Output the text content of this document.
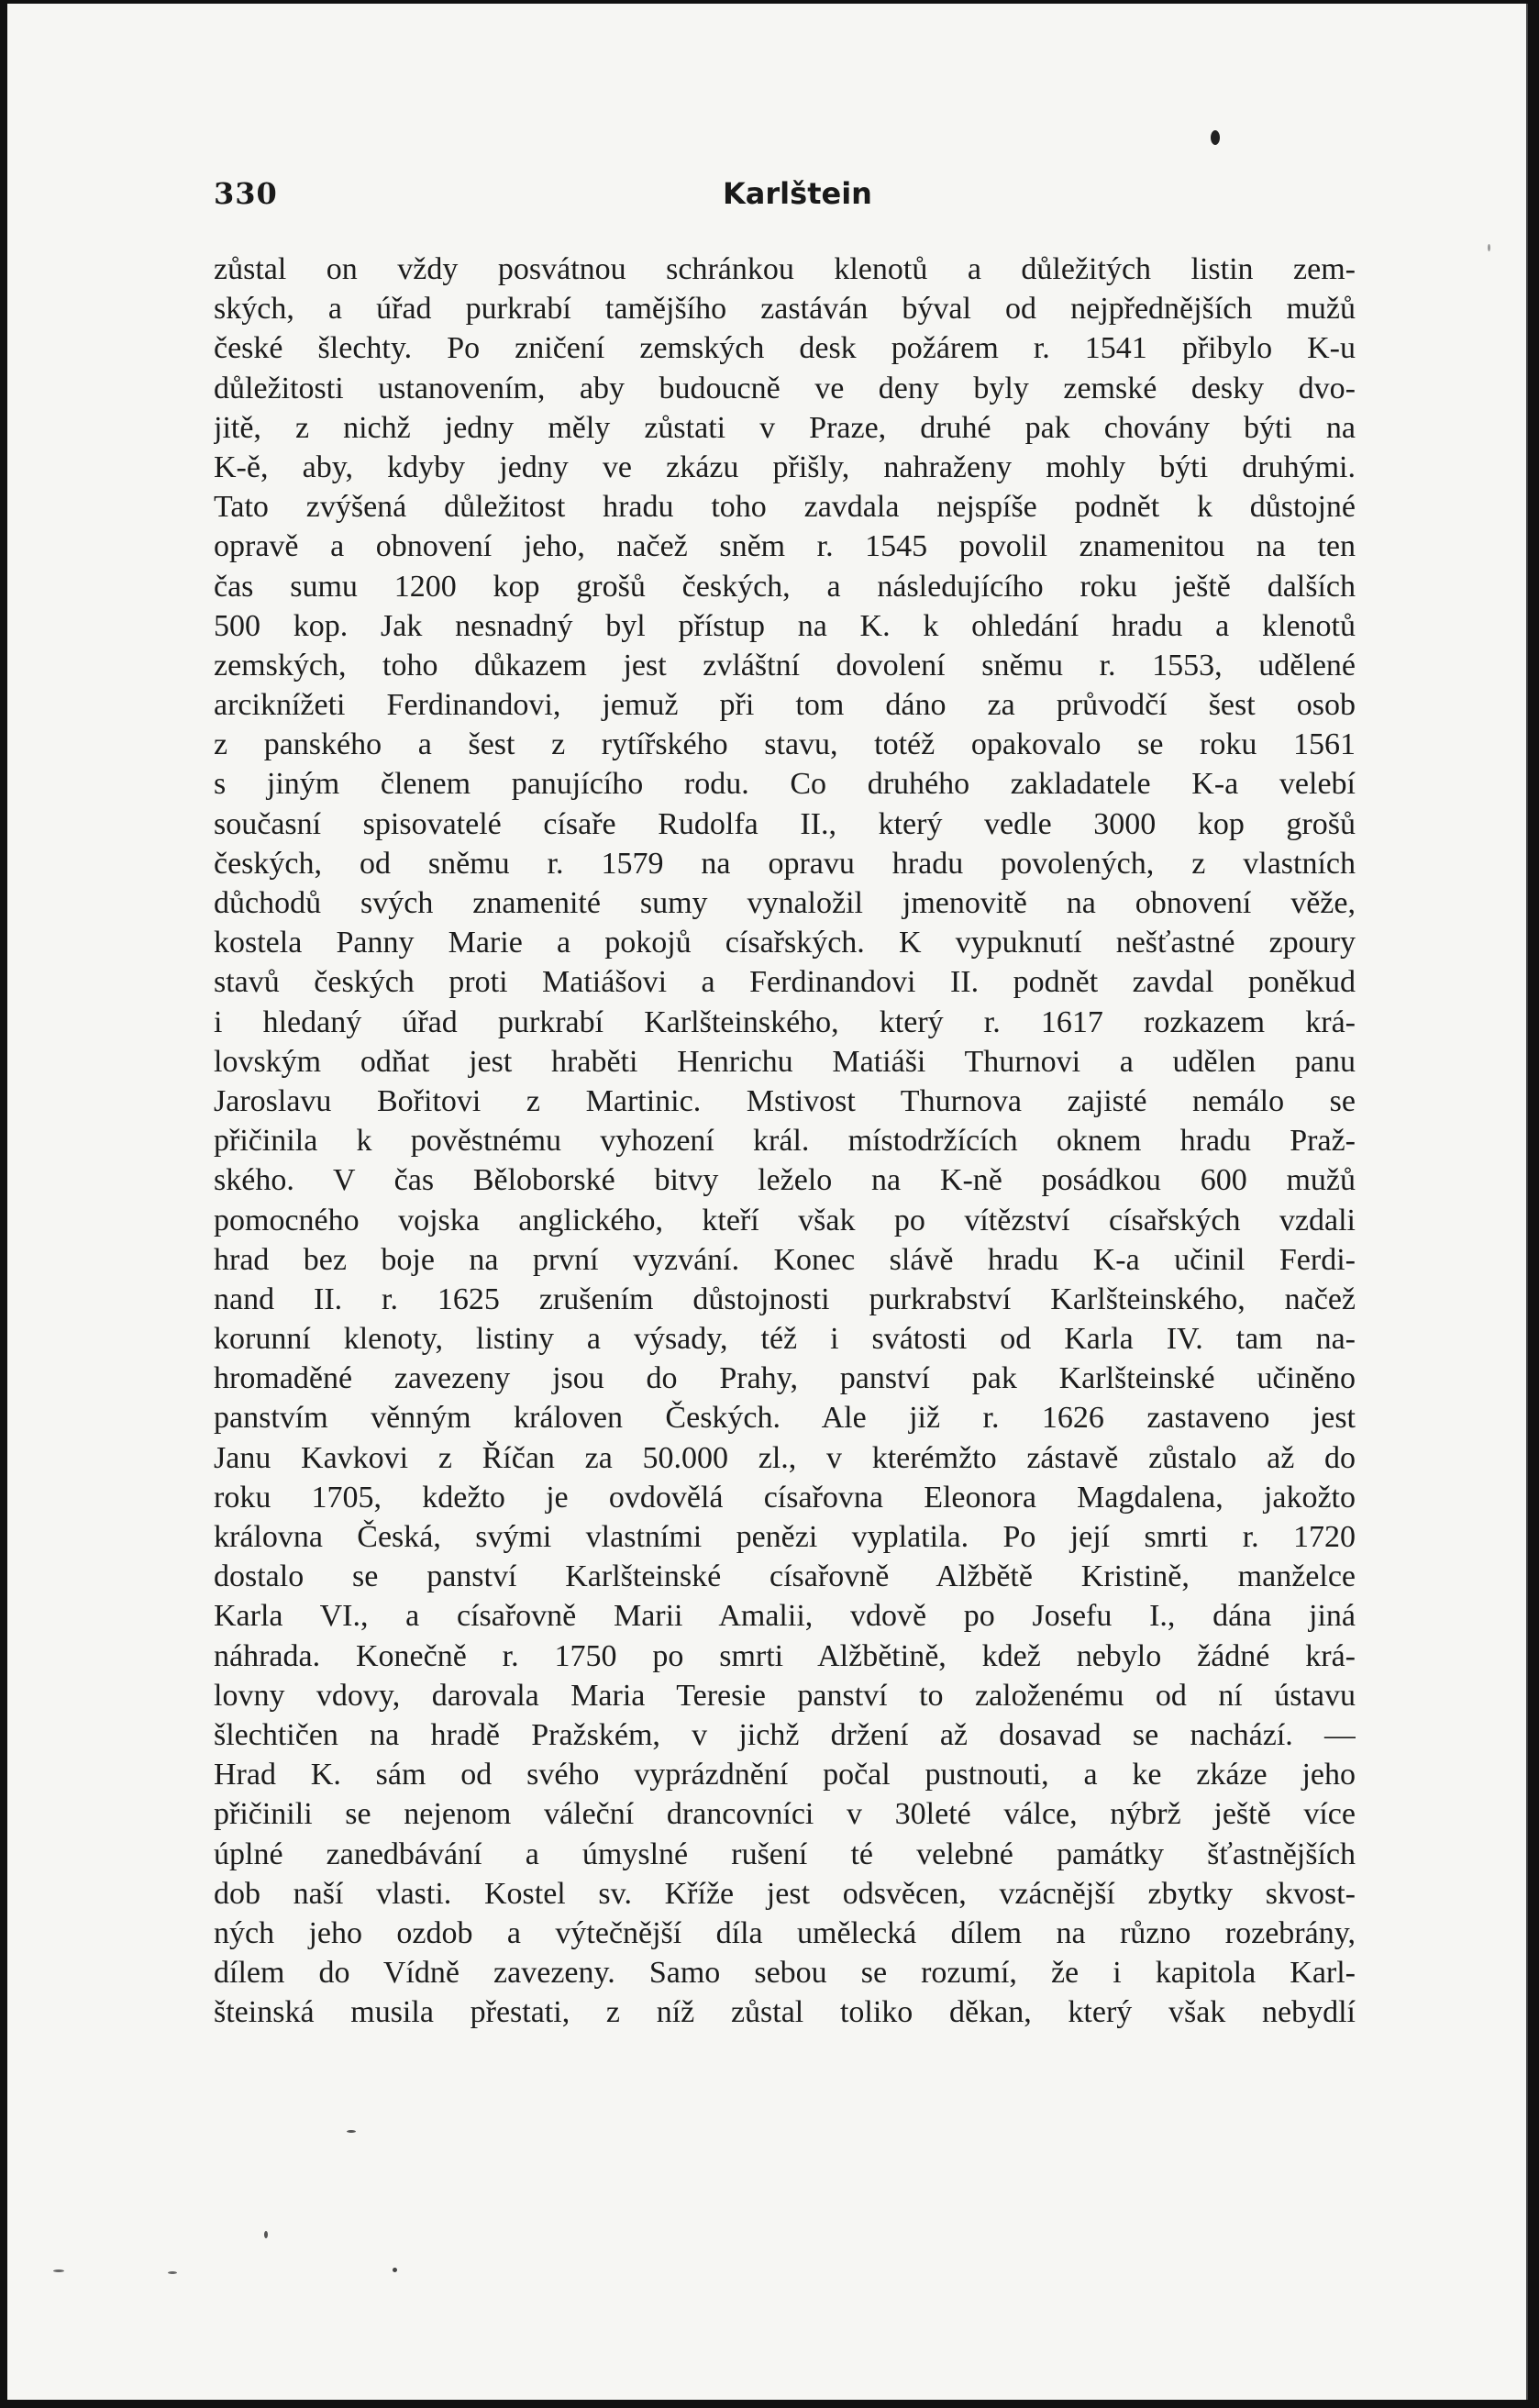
330	Karlštein
zůstal on vždy posvátnou schránkou klenotů a důležitých listin zem-
ských, a úřad purkrabí tamějšího zastáván býval od nejpřednějších mužů
české šlechty. Po zničení zemských desk požárem r. 1541 přibylo K-u
důležitosti ustanovením, aby budoucně ve deny byly zemské desky dvo-
jitě, z nichž jedny měly zůstati v Praze, druhé pak chovány býti na
K-ě, aby, kdyby jedny ve zkázu přišly, nahraženy mohly býti druhými.
Tato zvýšená důležitost hradu toho zavdala nejspíše podnět k důstojné
opravě a obnovení jeho, načež sněm r. 1545 povolil znamenitou na ten
čas sumu 1200 kop grošů českých, a následujícího roku ještě dalších
500 kop. Jak nesnadný byl přístup na K. k ohledání hradu a klenotů
zemských, toho důkazem jest zvláštní dovolení sněmu r. 1553, udělené
arciknížeti Ferdinandovi, jemuž při tom dáno za průvodčí šest osob
z panského a šest z rytířského stavu, totéž opakovalo se roku 1561
s jiným členem panujícího rodu. Co druhého zakladatele K-a velebí
současní spisovatelé císaře Rudolfa II., který vedle 3000 kop grošů
českých, od sněmu r. 1579 na opravu hradu povolených, z vlastních
důchodů svých znamenité sumy vynaložil jmenovitě na obnovení věže,
kostela Panny Marie a pokojů císařských. K vypuknutí nešťastné zpoury
stavů českých proti Matiášovi a Ferdinandovi II. podnět zavdal poněkud
i hledaný úřad purkrabí Karlšteinského, který r. 1617 rozkazem krá-
lovským odňat jest hraběti Henrichu Matiáši Thurnovi a udělen panu
Jaroslavu Bořitovi z Martinic. Mstivost Thurnova zajisté nemálo se
přičinila k pověstnému vyhození král. místodržících oknem hradu Praž-
ského. V čas Běloborské bitvy leželo na K-ně posádkou 600 mužů
pomocného vojska anglického, kteří však po vítězství císařských vzdali
hrad bez boje na první vyzvání. Konec slávě hradu K-a učinil Ferdi-
nand II. r. 1625 zrušením důstojnosti purkrabství Karlšteinského, načež
korunní klenoty, listiny a výsady, též i svátosti od Karla IV. tam na-
hromaděné zavezeny jsou do Prahy, panství pak Karlšteinské učiněno
panstvím věnným královen Českých. Ale již r. 1626 zastaveno jest
Janu Kavkovi z Říčan za 50.000 zl., v kterémžto zástavě zůstalo až do
roku 1705, kdežto je ovdovělá císařovna Eleonora Magdalena, jakožto
královna Česká, svými vlastními penězi vyplatila. Po její smrti r. 1720
dostalo se panství Karlšteinské císařovně Alžbětě Kristině, manželce
Karla VI., a císařovně Marii Amalii, vdově po Josefu I., dána jiná
náhrada. Konečně r. 1750 po smrti Alžbětině, kdež nebylo žádné krá-
lovny vdovy, darovala Maria Teresie panství to založenému od ní ústavu
šlechtičen na hradě Pražském, v jichž držení až dosavad se nachází. —
Hrad K. sám od svého vyprázdnění počal pustnouti, a ke zkáze jeho
přičinili se nejenom váleční drancovníci v 30leté válce, nýbrž ještě více
úplné zanedbávání a úmyslné rušení té velebné památky šťastnějších
dob naší vlasti. Kostel sv. Kříže jest odsvěcen, vzácnější zbytky skvost-
ných jeho ozdob a výtečnější díla umělecká dílem na různo rozebrány,
dílem do Vídně zavezeny. Samo sebou se rozumí, že i kapitola Karl-
šteinská musila přestati, z níž zůstal toliko děkan, který však nebydlí
